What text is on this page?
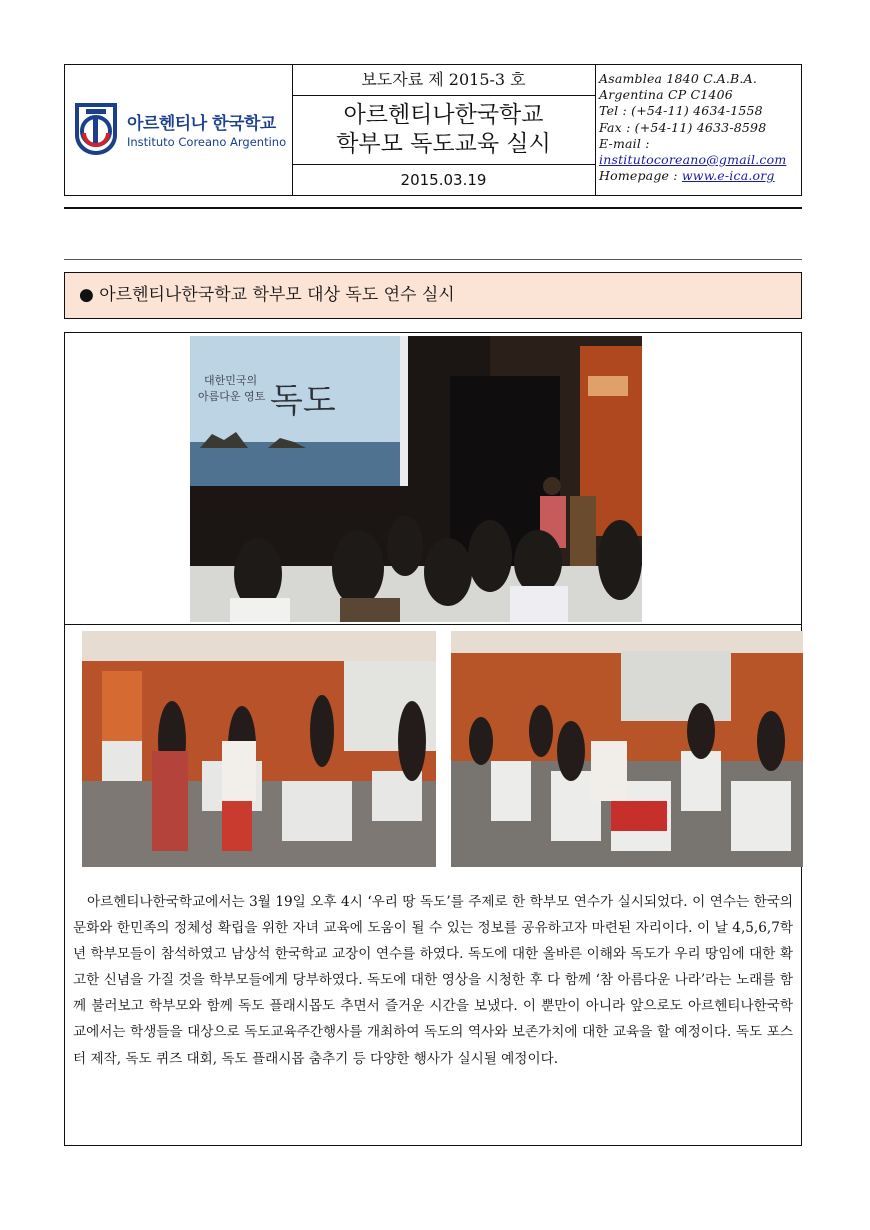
아르헨티나 한국학교
Instituto Coreano Argentino
보도자료 제 2015-3 호
아르헨티나한국학교
학부모 독도교육 실시
2015.03.19
Asamblea 1840 C.A.B.A.
Argentina CP C1406
Tel : (+54-11) 4634-1558
Fax : (+54-11) 4633-8598
E-mail :
institutocoreano@gmail.com
Homepage : www.e-ica.org
● 아르헨티나한국학교 학부모 대상 독도 연수 실시
대한민국의
아름다운 영토 독도
아르헨티나한국학교에서는 3월 19일 오후 4시 ‘우리 땅 독도’를 주제로 한 학부모 연수가 실시되었다. 이 연수는 한국의 문화와 한민족의 정체성 확립을 위한 자녀 교육에 도움이 될 수 있는 정보를 공유하고자 마련된 자리이다. 이 날 4,5,6,7학년 학부모들이 참석하였고 남상석 한국학교 교장이 연수를 하였다. 독도에 대한 올바른 이해와 독도가 우리 땅임에 대한 확고한 신념을 가질 것을 학부모들에게 당부하였다. 독도에 대한 영상을 시청한 후 다 함께 ‘참 아름다운 나라’라는 노래를 함께 불러보고 학부모와 함께 독도 플래시몹도 추면서 즐거운 시간을 보냈다. 이 뿐만이 아니라 앞으로도 아르헨티나한국학교에서는 학생들을 대상으로 독도교육주간행사를 개최하여 독도의 역사와 보존가치에 대한 교육을 할 예정이다. 독도 포스터 제작, 독도 퀴즈 대회, 독도 플래시몹 춤추기 등 다양한 행사가 실시될 예정이다.
